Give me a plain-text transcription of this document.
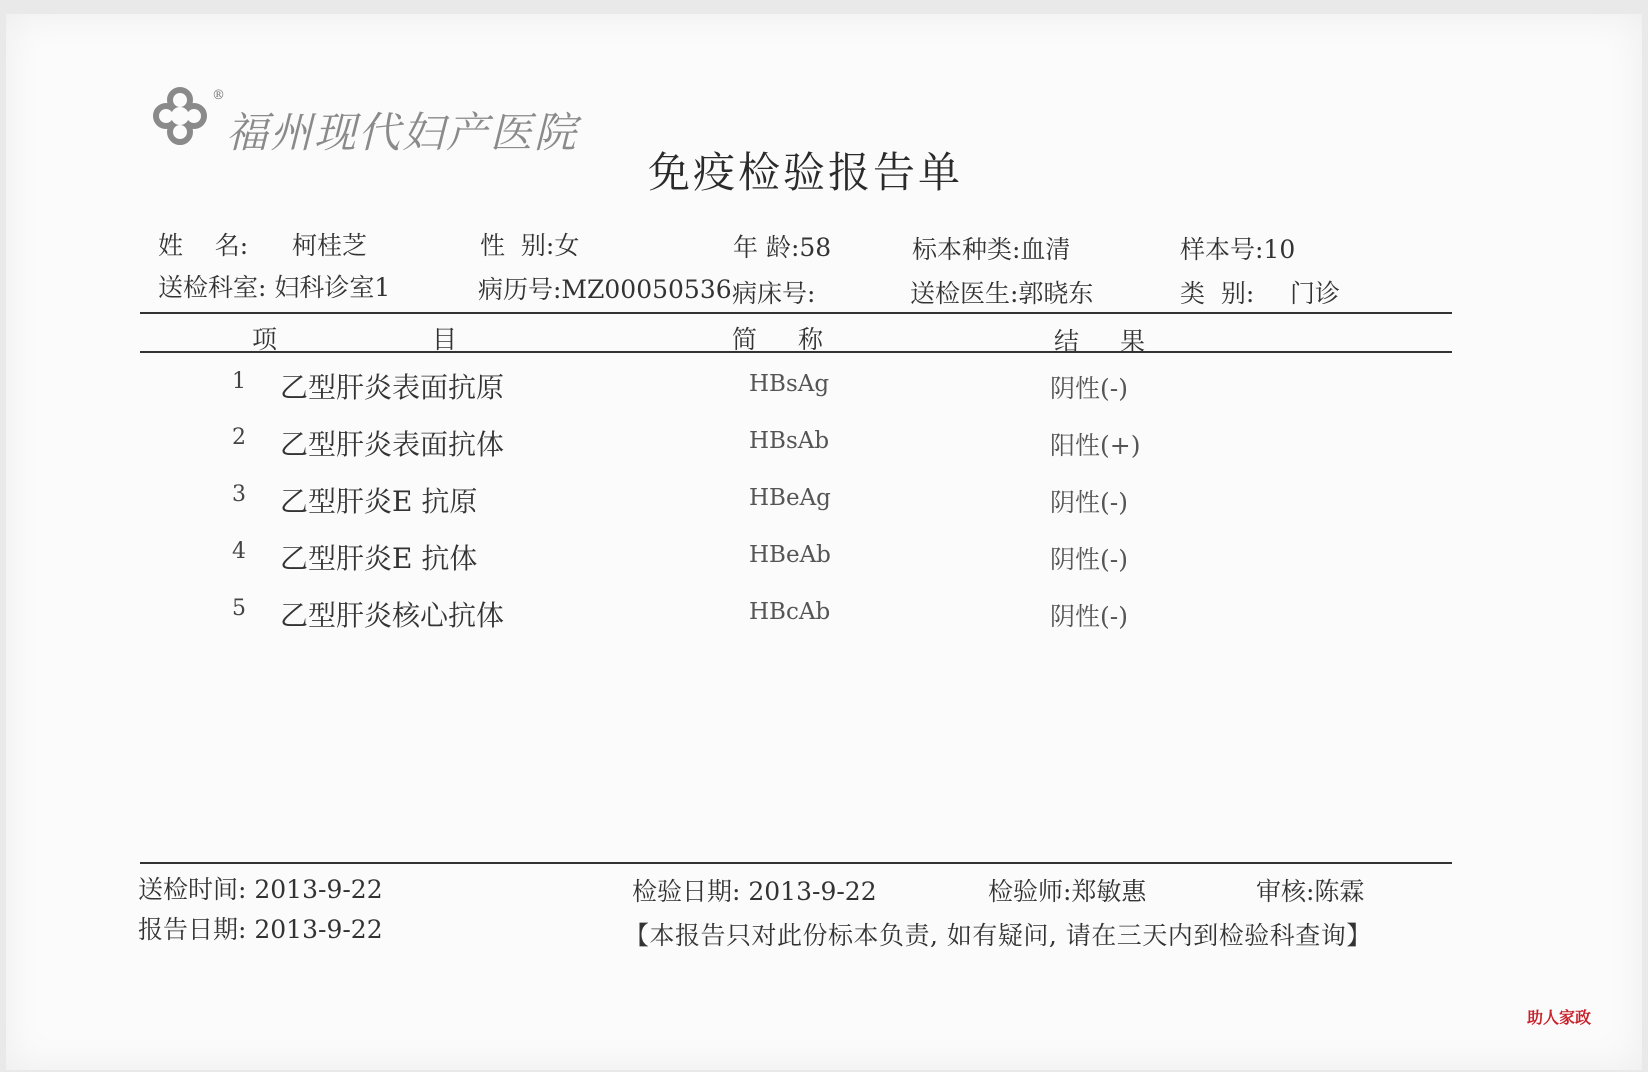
®
福州现代妇产医院
免疫检验报告单
姓    名: 柯桂芝	性  别:女	年 龄:58	标本种类:血清	样本号:10
送检科室: 妇科诊室1	病历号:MZ00050536 病床号:	送检医生:郭晓东	类  别: 门诊
项	目	简 称	结 果
1 乙型肝炎表面抗原	HBsAg	阴性(-)
2 乙型肝炎表面抗体	HBsAb	阳性(+)
3 乙型肝炎E 抗原	HBeAg	阴性(-)
4 乙型肝炎E 抗体	HBeAb	阴性(-)
5 乙型肝炎核心抗体	HBcAb	阴性(-)
送检时间: 2013-9-22
报告日期: 2013-9-22
检验日期: 2013-9-22	检验师:郑敏惠	审核:陈霖
【本报告只对此份标本负责, 如有疑问, 请在三天内到检验科查询】
助人家政
